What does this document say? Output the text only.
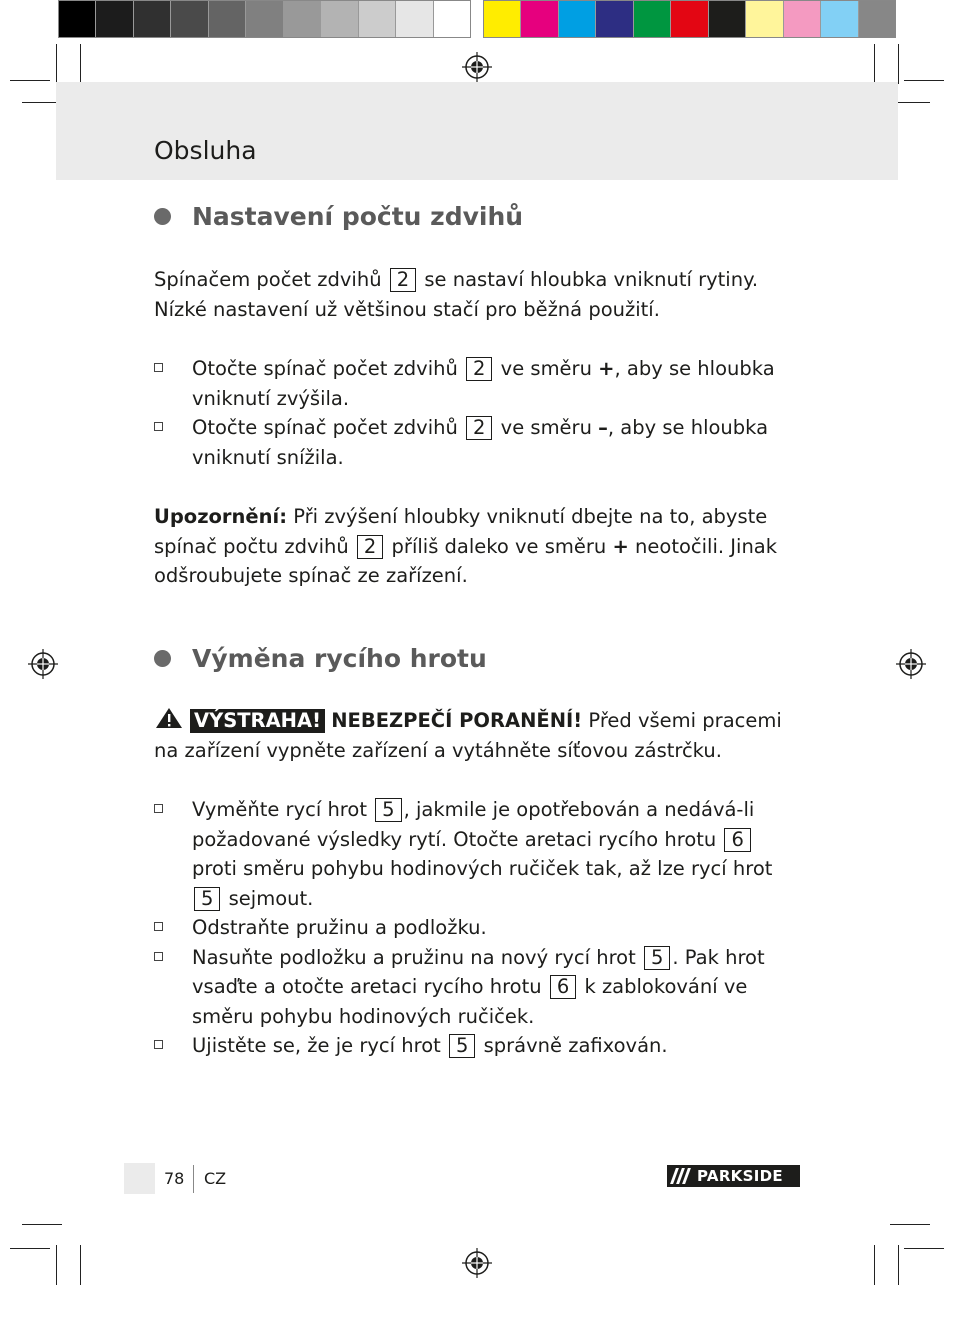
Obsluha
Nastavení počtu zdvihů

Spínačem počet zdvihů 2 se nastaví hloubka vniknutí rytiny. Nízké nastavení už většinou stačí pro běžná použití.

Otočte spínač počet zdvihů 2 ve směru +, aby se hloubka vniknutí zvýšila.
Otočte spínač počet zdvihů 2 ve směru –, aby se hloubka vniknutí snížila.

Upozornění: Při zvýšení hloubky vniknutí dbejte na to, abyste spínač počtu zdvihů 2 příliš daleko ve směru + neotočili. Jinak odšroubujete spínač ze zařízení.

Výměna rycího hrotu

VÝSTRAHA! NEBEZPEČÍ PORANĚNÍ! Před všemi pracemi na zařízení vypněte zařízení a vytáhněte síťovou zástrčku.

Vyměňte rycí hrot 5 , jakmile je opotřebován a nedává-li požadované výsledky rytí. Otočte aretaci rycího hrotu 6 proti směru pohybu hodinových ručiček tak, až lze rycí hrot 5 sejmout.
Odstraňte pružinu a podložku.
Nasuňte podložku a pružinu na nový rycí hrot 5 . Pak hrot vsaďte a otočte aretaci rycího hrotu 6 k zablokování ve směru pohybu hodinových ručiček.
Ujistěte se, že je rycí hrot 5 správně zafixován.
78 CZ	PARKSIDE
